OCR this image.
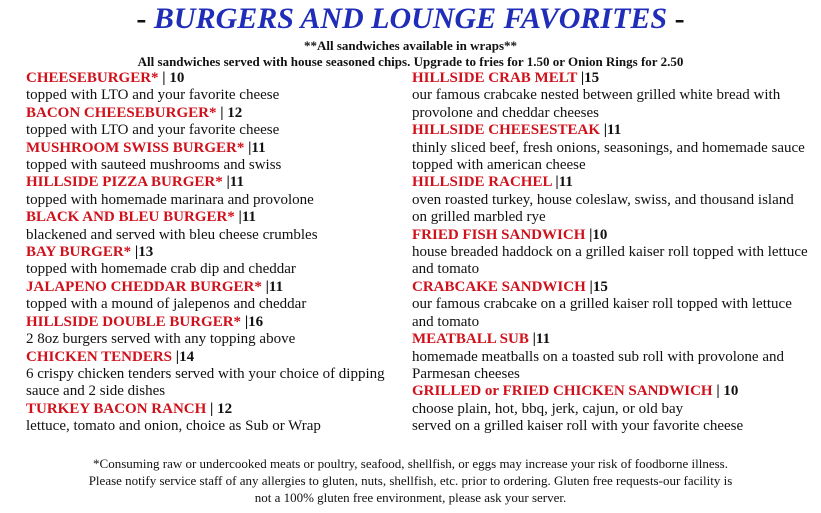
- BURGERS AND LOUNGE FAVORITES -
**All sandwiches available in wraps**
All sandwiches served with house seasoned chips. Upgrade to fries for 1.50 or Onion Rings for 2.50
CHEESEBURGER* | 10
topped with LTO and your favorite cheese
BACON CHEESEBURGER* | 12
topped with LTO and your favorite cheese
MUSHROOM SWISS BURGER* |11
topped with sauteed mushrooms and swiss
HILLSIDE PIZZA BURGER* |11
topped with homemade marinara and provolone
BLACK AND BLEU BURGER* |11
blackened and served with bleu cheese crumbles
BAY BURGER* |13
topped with homemade crab dip and cheddar
JALAPENO CHEDDAR BURGER* |11
topped with a mound of jalepenos and cheddar
HILLSIDE DOUBLE BURGER* |16
2 8oz burgers served with any topping above
CHICKEN TENDERS |14
6 crispy chicken tenders served with your choice of dipping sauce and 2 side dishes
TURKEY BACON RANCH | 12
lettuce, tomato and onion, choice as Sub or Wrap
HILLSIDE CRAB MELT |15
our famous crabcake nested between grilled white bread with provolone and cheddar cheeses
HILLSIDE CHEESESTEAK |11
thinly sliced beef, fresh onions, seasonings, and homemade sauce topped with american cheese
HILLSIDE RACHEL |11
oven roasted turkey, house coleslaw, swiss, and thousand island on grilled marbled rye
FRIED FISH SANDWICH |10
house breaded haddock on a grilled kaiser roll topped with lettuce and tomato
CRABCAKE SANDWICH |15
our famous crabcake on a grilled kaiser roll topped with lettuce and tomato
MEATBALL SUB |11
homemade meatballs on a toasted sub roll with provolone and Parmesan cheeses
GRILLED or FRIED CHICKEN SANDWICH | 10
choose plain, hot, bbq, jerk, cajun, or old bay
served on a grilled kaiser roll with your favorite cheese
*Consuming raw or undercooked meats or poultry, seafood, shellfish, or eggs may increase your risk of foodborne illness.
Please notify service staff of any allergies to gluten, nuts, shellfish, etc. prior to ordering. Gluten free requests-our facility is
not a 100% gluten free environment, please ask your server.
